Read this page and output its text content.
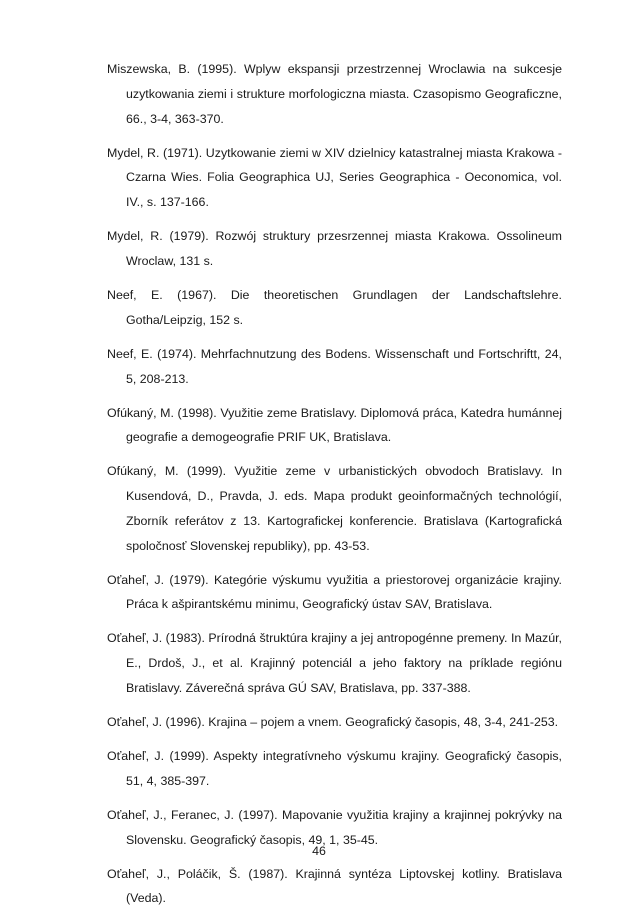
Miszewska, B. (1995). Wplyw ekspansji przestrzennej Wroclawia na sukcesje uzytkowania ziemi i strukture morfologiczna miasta. Czasopismo Geograficzne, 66., 3-4, 363-370.
Mydel, R. (1971). Uzytkowanie ziemi w XIV dzielnicy katastralnej miasta Krakowa - Czarna Wies. Folia Geographica UJ, Series Geographica - Oeconomica, vol. IV., s. 137-166.
Mydel, R. (1979). Rozwój struktury przesrzennej miasta Krakowa. Ossolineum Wroclaw, 131 s.
Neef, E. (1967). Die theoretischen Grundlagen der Landschaftslehre. Gotha/Leipzig, 152 s.
Neef, E. (1974). Mehrfachnutzung des Bodens. Wissenschaft und Fortschriftt, 24, 5, 208-213.
Ofúkaný, M. (1998). Využitie zeme Bratislavy. Diplomová práca, Katedra humánnej geografie a demogeografie PRIF UK, Bratislava.
Ofúkaný, M. (1999). Využitie zeme v urbanistických obvodoch Bratislavy. In Kusendová, D., Pravda, J. eds. Mapa produkt geoinformačných technológií, Zborník referátov z 13. Kartografickej konferencie. Bratislava (Kartografická spoločnosť Slovenskej republiky), pp. 43-53.
Oťaheľ, J. (1979). Kategórie výskumu využitia a priestorovej organizácie krajiny. Práca k ašpirantskému minimu, Geografický ústav SAV, Bratislava.
Oťaheľ, J. (1983). Prírodná štruktúra krajiny a jej antropogénne premeny. In Mazúr, E., Drdoš, J., et al. Krajinný potenciál a jeho faktory na príklade regiónu Bratislavy. Záverečná správa GÚ SAV, Bratislava, pp. 337-388.
Oťaheľ, J. (1996). Krajina – pojem a vnem. Geografický časopis, 48, 3-4, 241-253.
Oťaheľ, J. (1999). Aspekty integratívneho výskumu krajiny. Geografický časopis, 51, 4, 385-397.
Oťaheľ, J., Feranec, J. (1997). Mapovanie využitia krajiny a krajinnej pokrývky na Slovensku. Geografický časopis, 49, 1, 35-45.
Oťaheľ, J., Poláčik, Š. (1987). Krajinná syntéza Liptovskej kotliny. Bratislava (Veda).
46
